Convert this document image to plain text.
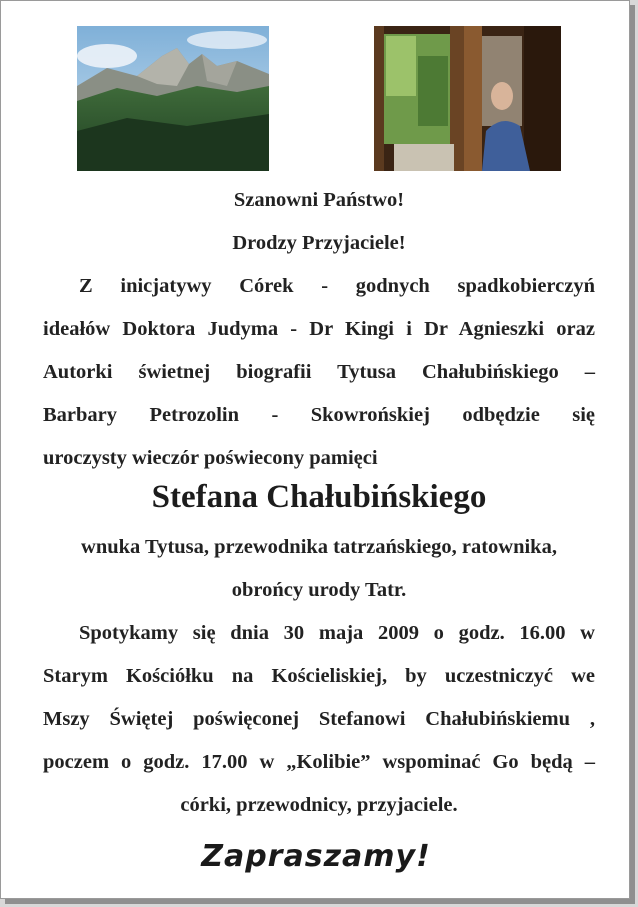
Szanowni Państwo!
Drodzy Przyjaciele!
Z inicjatywy Córek - godnych spadkobierczyń
ideałów Doktora Judyma - Dr Kingi i Dr Agnieszki oraz
Autorki świetnej biografii Tytusa Chałubińskiego –
Barbary Petrozolin - Skowrońskiej odbędzie się
uroczysty wieczór poświecony pamięci
Stefana Chałubińskiego
wnuka Tytusa, przewodnika tatrzańskiego, ratownika,
obrońcy urody Tatr.
Spotykamy się dnia 30 maja 2009 o godz. 16.00 w
Starym Kościółku na Kościeliskiej, by uczestniczyć we
Mszy Świętej poświęconej Stefanowi Chałubińskiemu ,
poczem o godz. 17.00 w „Kolibie” wspominać Go będą –
córki, przewodnicy, przyjaciele.
Zapraszamy!
